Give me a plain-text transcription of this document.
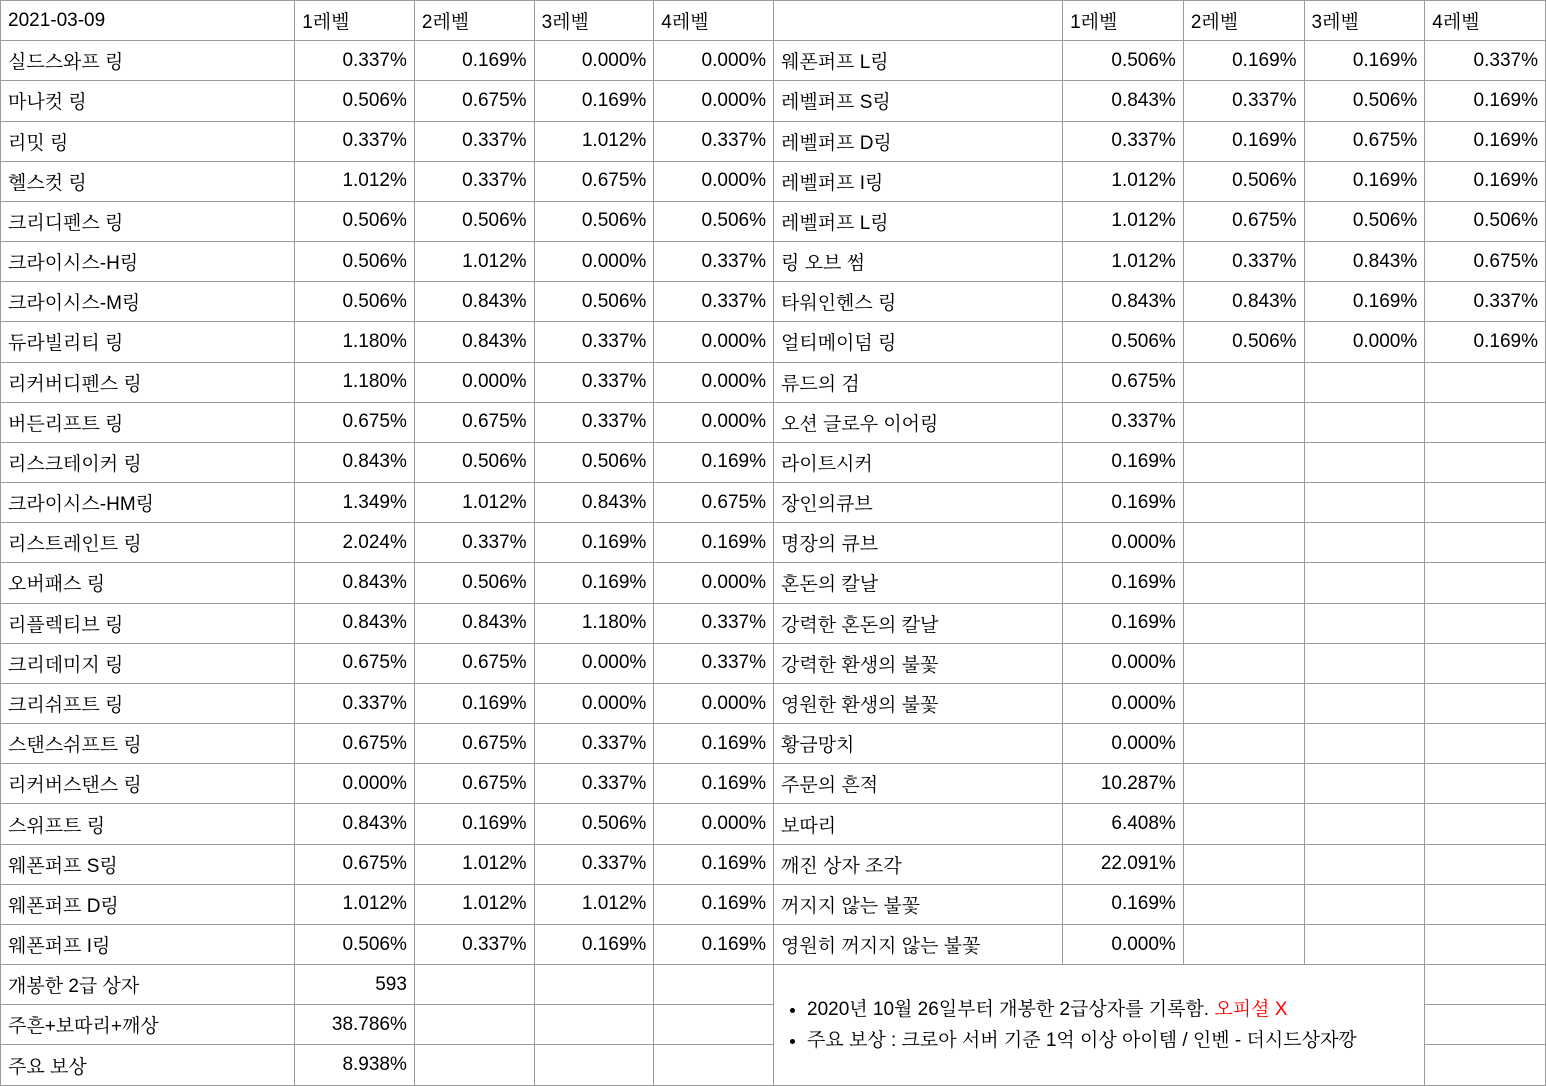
2021-03-09	1레벨	2레벨	3레벨	4레벨		1레벨	2레벨	3레벨	4레벨
실드스와프 링	0.337%	0.169%	0.000%	0.000%	웨폰퍼프 L링	0.506%	0.169%	0.169%	0.337%
마나컷 링	0.506%	0.675%	0.169%	0.000%	레벨퍼프 S링	0.843%	0.337%	0.506%	0.169%
리밋 링	0.337%	0.337%	1.012%	0.337%	레벨퍼프 D링	0.337%	0.169%	0.675%	0.169%
헬스컷 링	1.012%	0.337%	0.675%	0.000%	레벨퍼프 I링	1.012%	0.506%	0.169%	0.169%
크리디펜스 링	0.506%	0.506%	0.506%	0.506%	레벨퍼프 L링	1.012%	0.675%	0.506%	0.506%
크라이시스-H링	0.506%	1.012%	0.000%	0.337%	링 오브 썸	1.012%	0.337%	0.843%	0.675%
크라이시스-M링	0.506%	0.843%	0.506%	0.337%	타워인헨스 링	0.843%	0.843%	0.169%	0.337%
듀라빌리티 링	1.180%	0.843%	0.337%	0.000%	얼티메이덤 링	0.506%	0.506%	0.000%	0.169%
리커버디펜스 링	1.180%	0.000%	0.337%	0.000%	류드의 검	0.675%			
버든리프트 링	0.675%	0.675%	0.337%	0.000%	오션 글로우 이어링	0.337%			
리스크테이커 링	0.843%	0.506%	0.506%	0.169%	라이트시커	0.169%			
크라이시스-HM링	1.349%	1.012%	0.843%	0.675%	장인의큐브	0.169%			
리스트레인트 링	2.024%	0.337%	0.169%	0.169%	명장의 큐브	0.000%			
오버패스 링	0.843%	0.506%	0.169%	0.000%	혼돈의 칼날	0.169%			
리플렉티브 링	0.843%	0.843%	1.180%	0.337%	강력한 혼돈의 칼날	0.169%			
크리데미지 링	0.675%	0.675%	0.000%	0.337%	강력한 환생의 불꽃	0.000%			
크리쉬프트 링	0.337%	0.169%	0.000%	0.000%	영원한 환생의 불꽃	0.000%			
스탠스쉬프트 링	0.675%	0.675%	0.337%	0.169%	황금망치	0.000%			
리커버스탠스 링	0.000%	0.675%	0.337%	0.169%	주문의 흔적	10.287%			
스위프트 링	0.843%	0.169%	0.506%	0.000%	보따리	6.408%			
웨폰퍼프 S링	0.675%	1.012%	0.337%	0.169%	깨진 상자 조각	22.091%			
웨폰퍼프 D링	1.012%	1.012%	1.012%	0.169%	꺼지지 않는 불꽃	0.169%			
웨폰퍼프 I링	0.506%	0.337%	0.169%	0.169%	영원히 꺼지지 않는 불꽃	0.000%			
개봉한 2급 상자	593				
• 2020년 10월 26일부터 개봉한 2급상자를 기록함. 오피셜 X
• 주요 보상 : 크로아 서버 기준 1억 이상 아이템 / 인벤 - 더시드상자깡

주흔+보따리+깨상	38.786%								
주요 보상	8.938%								
